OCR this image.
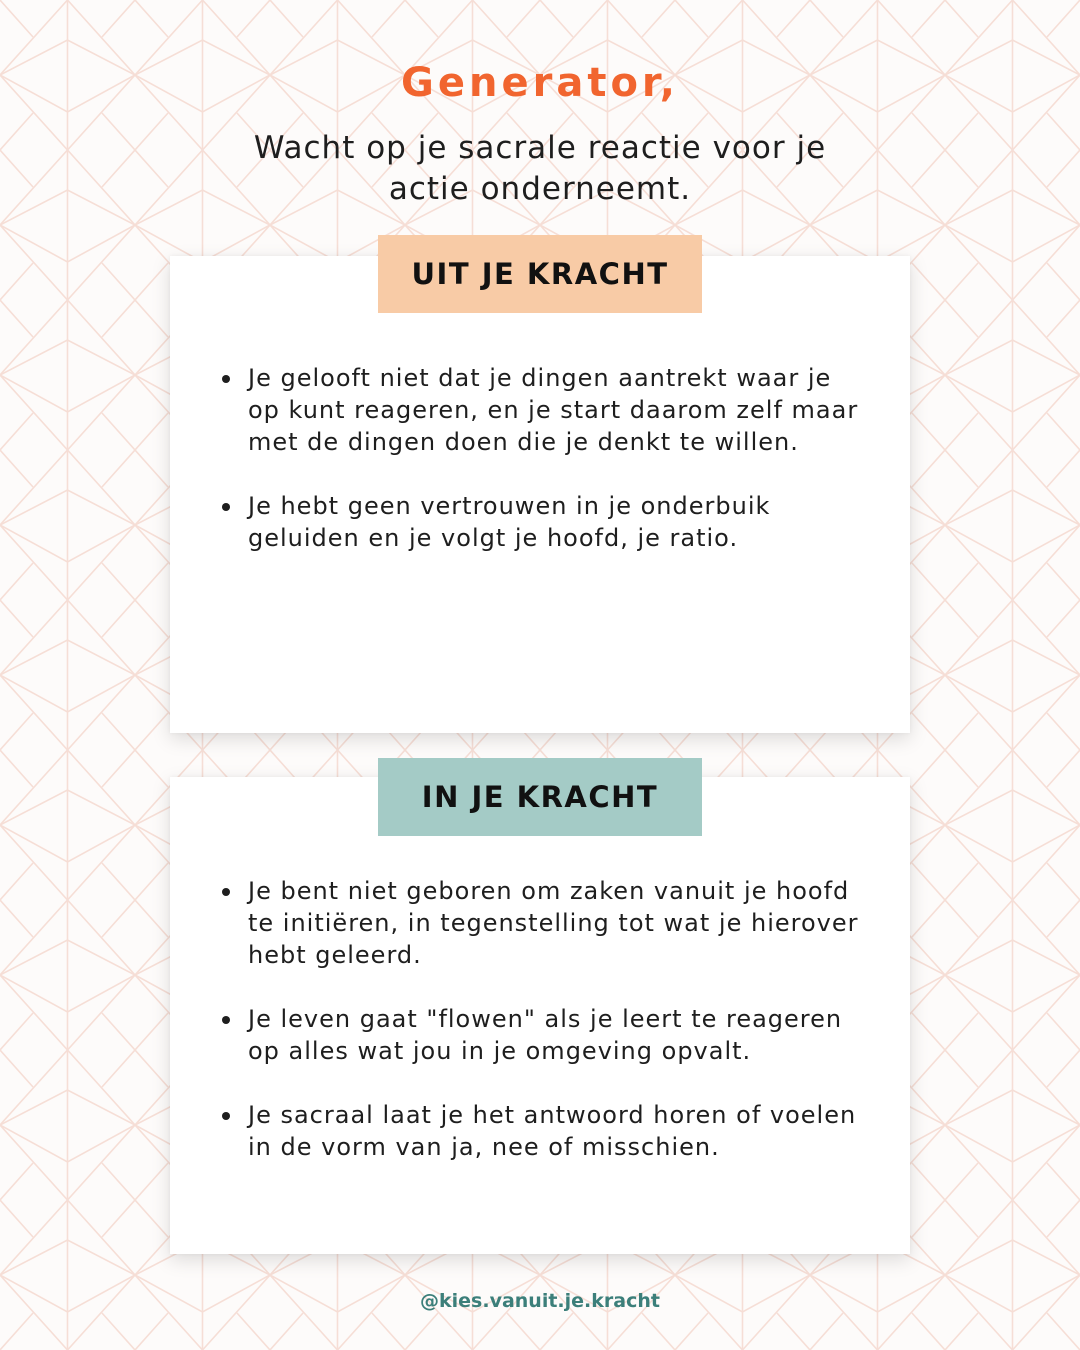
Generator,
Wacht op je sacrale reactie voor je actie onderneemt.
UIT JE KRACHT
Je gelooft niet dat je dingen aantrekt waar je op kunt reageren, en je start daarom zelf maar met de dingen doen die je denkt te willen.
Je hebt geen vertrouwen in je onderbuik geluiden en je volgt je hoofd, je ratio.
IN JE KRACHT
Je bent niet geboren om zaken vanuit je hoofd te initiëren, in tegenstelling tot wat je hierover hebt geleerd.
Je leven gaat "flowen" als je leert te reageren op alles wat jou in je omgeving opvalt.
Je sacraal laat je het antwoord horen of voelen in de vorm van ja, nee of misschien.
@kies.vanuit.je.kracht
